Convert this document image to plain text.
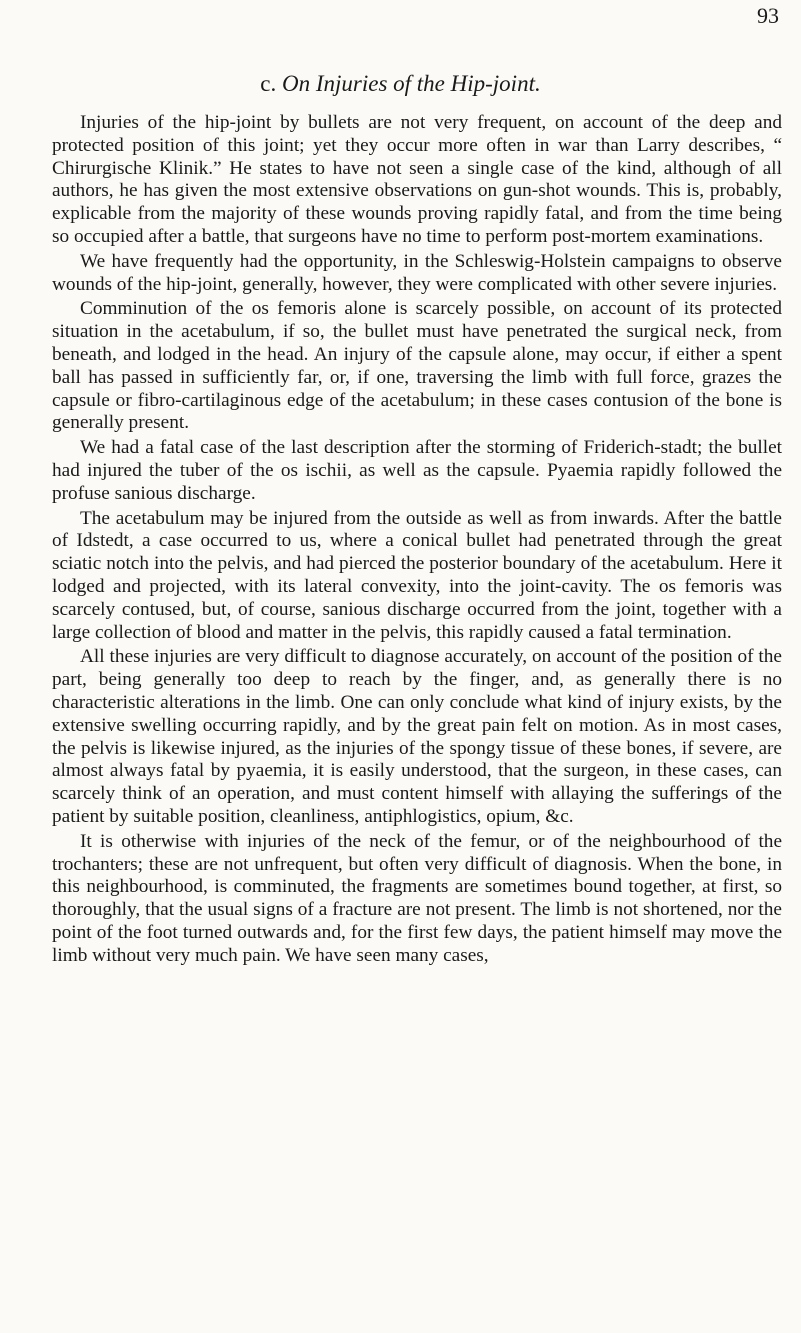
93
c. On Injuries of the Hip-joint.

Injuries of the hip-joint by bullets are not very frequent, on account of the deep and protected position of this joint; yet they occur more often in war than Larry describes, “ Chirurgische Klinik.” He states to have not seen a single case of the kind, although of all authors, he has given the most extensive observations on gun-shot wounds. This is, probably, explicable from the majority of these wounds proving rapidly fatal, and from the time being so occupied after a battle, that surgeons have no time to perform post-mortem examinations.

We have frequently had the opportunity, in the Schleswig-Holstein campaigns to observe wounds of the hip-joint, generally, however, they were complicated with other severe injuries.

Comminution of the os femoris alone is scarcely possible, on account of its protected situation in the acetabulum, if so, the bullet must have penetrated the surgical neck, from beneath, and lodged in the head. An injury of the capsule alone, may occur, if either a spent ball has passed in sufficiently far, or, if one, traversing the limb with full force, grazes the capsule or fibro-cartilaginous edge of the acetabulum; in these cases contusion of the bone is generally present.

We had a fatal case of the last description after the storming of Friderich-stadt; the bullet had injured the tuber of the os ischii, as well as the capsule. Pyaemia rapidly followed the profuse sanious discharge.

The acetabulum may be injured from the outside as well as from inwards. After the battle of Idstedt, a case occurred to us, where a conical bullet had penetrated through the great sciatic notch into the pelvis, and had pierced the posterior boundary of the acetabulum. Here it lodged and projected, with its lateral convexity, into the joint-cavity. The os femoris was scarcely contused, but, of course, sanious discharge occurred from the joint, together with a large collection of blood and matter in the pelvis, this rapidly caused a fatal termination.

All these injuries are very difficult to diagnose accurately, on account of the position of the part, being generally too deep to reach by the finger, and, as generally there is no characteristic alterations in the limb. One can only conclude what kind of injury exists, by the extensive swelling occurring rapidly, and by the great pain felt on motion. As in most cases, the pelvis is likewise injured, as the injuries of the spongy tissue of these bones, if severe, are almost always fatal by pyaemia, it is easily understood, that the surgeon, in these cases, can scarcely think of an operation, and must content himself with allaying the sufferings of the patient by suitable position, cleanliness, antiphlogistics, opium, &c.

It is otherwise with injuries of the neck of the femur, or of the neighbourhood of the trochanters; these are not unfrequent, but often very difficult of diagnosis. When the bone, in this neighbourhood, is comminuted, the fragments are sometimes bound together, at first, so thoroughly, that the usual signs of a fracture are not present. The limb is not shortened, nor the point of the foot turned outwards and, for the first few days, the patient himself may move the limb without very much pain. We have seen many cases,
